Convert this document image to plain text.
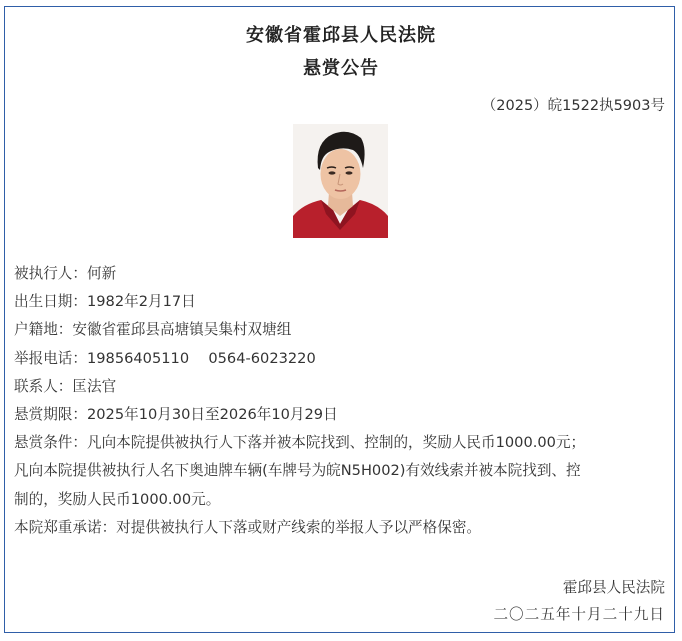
安徽省霍邱县人民法院
悬赏公告
（2025）皖1522执5903号
被执行人：何新
出生日期：1982年2月17日
户籍地：安徽省霍邱县高塘镇吴集村双塘组
举报电话：19856405110　 0564-6023220
联系人：匡法官
悬赏期限：2025年10月30日至2026年10月29日
悬赏条件：凡向本院提供被执行人下落并被本院找到、控制的，奖励人民币1000.00元；
凡向本院提供被执行人名下奥迪牌车辆(车牌号为皖N5H002)有效线索并被本院找到、控
制的，奖励人民币1000.00元。
本院郑重承诺：对提供被执行人下落或财产线索的举报人予以严格保密。
霍邱县人民法院
二〇二五年十月二十九日
